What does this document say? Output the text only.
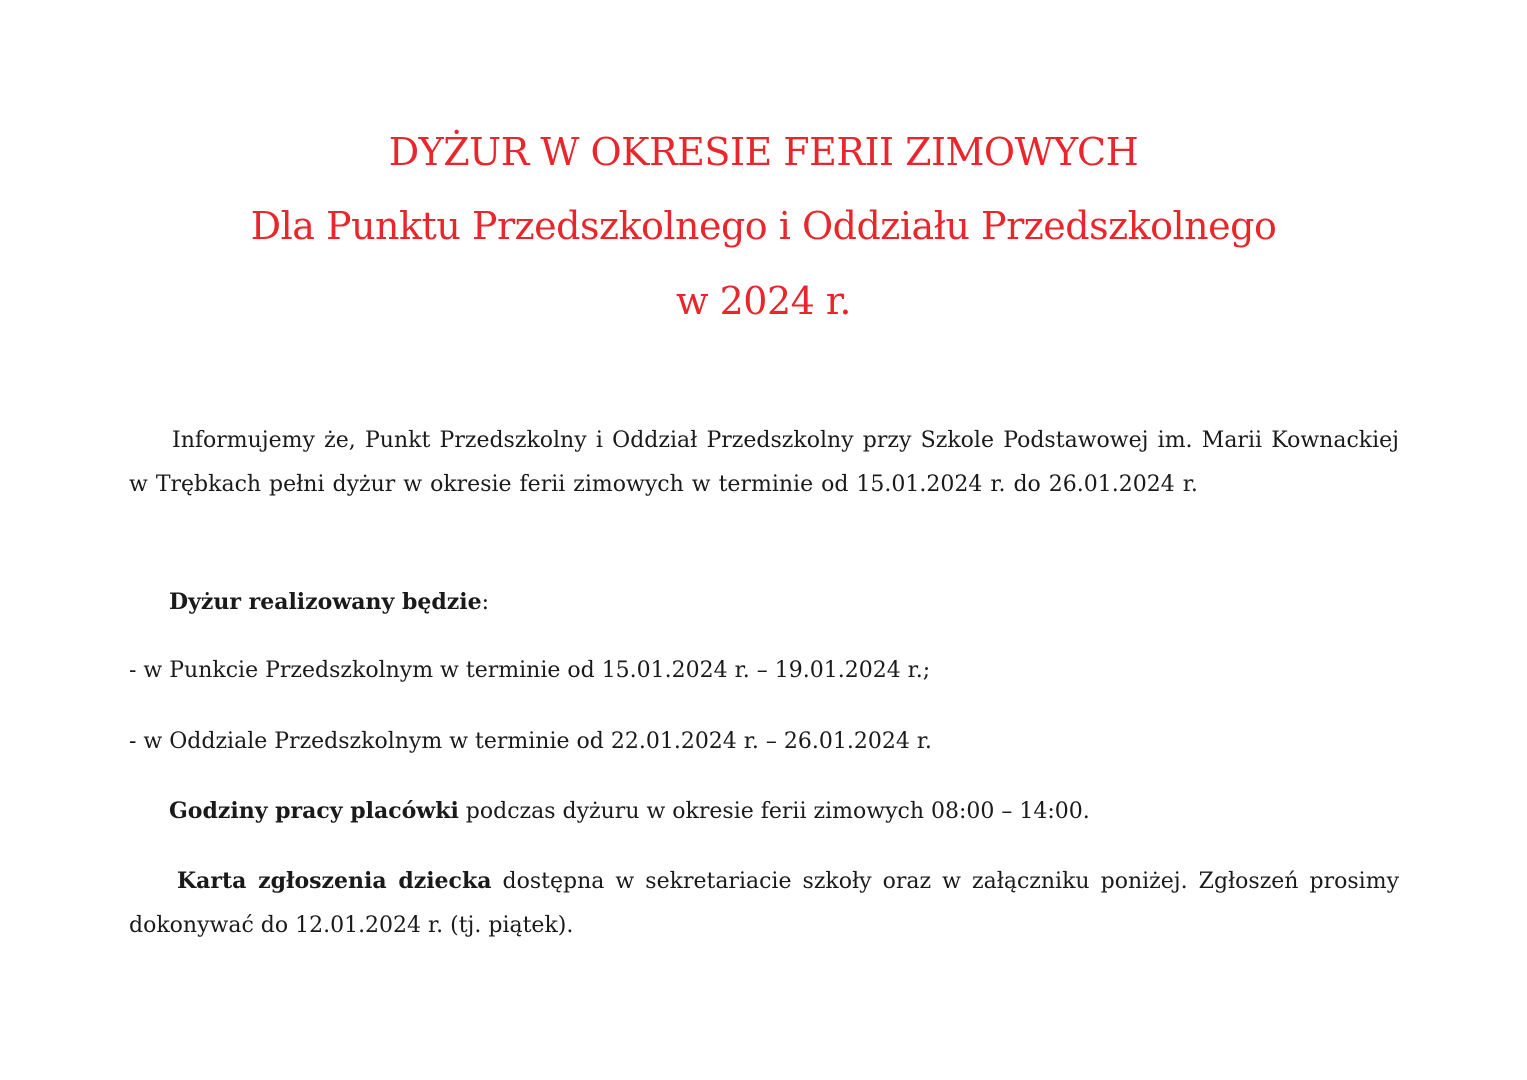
DYŻUR W OKRESIE FERII ZIMOWYCH
Dla Punktu Przedszkolnego i Oddziału Przedszkolnego
w 2024 r.
Informujemy że, Punkt Przedszkolny i Oddział Przedszkolny przy Szkole Podstawowej im. Marii Kownackiej w Trębkach pełni dyżur w okresie ferii zimowych w terminie od 15.01.2024 r. do 26.01.2024 r.
Dyżur realizowany będzie:
- w Punkcie Przedszkolnym w terminie od 15.01.2024 r. – 19.01.2024 r.;
- w Oddziale Przedszkolnym w terminie od 22.01.2024 r. – 26.01.2024 r.
Godziny pracy placówki podczas dyżuru w okresie ferii zimowych 08:00 – 14:00.
Karta zgłoszenia dziecka dostępna w sekretariacie szkoły oraz w załączniku poniżej. Zgłoszeń prosimy dokonywać do 12.01.2024 r. (tj. piątek).
